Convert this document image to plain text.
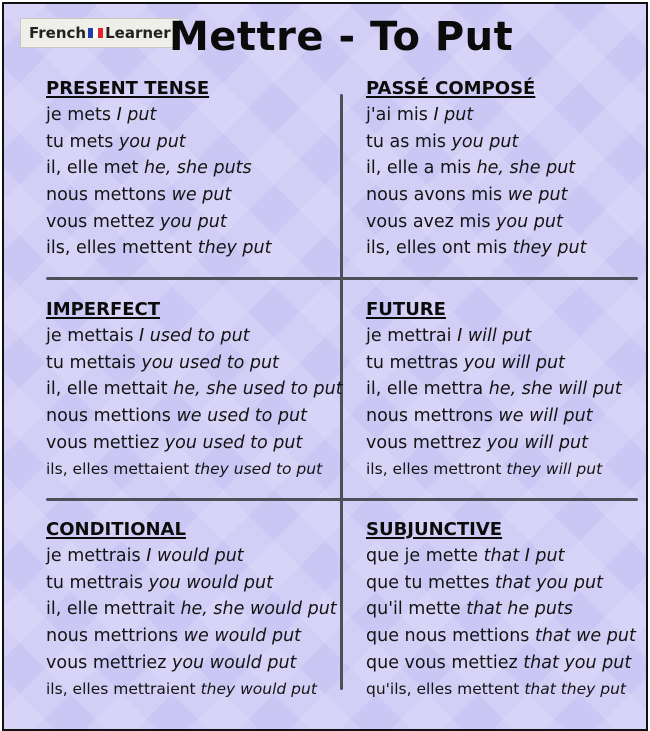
French Learner
Mettre - To Put
PRESENT TENSE
je mets I put
tu mets you put
il, elle met he, she puts
nous mettons we put
vous mettez you put
ils, elles mettent they put
PASSÉ COMPOSÉ
j'ai mis I put
tu as mis you put
il, elle a mis he, she put
nous avons mis we put
vous avez mis you put
ils, elles ont mis they put
IMPERFECT
je mettais I used to put
tu mettais you used to put
il, elle mettait he, she used to put
nous mettions we used to put
vous mettiez you used to put
ils, elles mettaient they used to put
FUTURE
je mettrai I will put
tu mettras you will put
il, elle mettra he, she will put
nous mettrons we will put
vous mettrez you will put
ils, elles mettront they will put
CONDITIONAL
je mettrais I would put
tu mettrais you would put
il, elle mettrait he, she would put
nous mettrions we would put
vous mettriez you would put
ils, elles mettraient they would put
SUBJUNCTIVE
que je mette that I put
que tu mettes that you put
qu'il mette that he puts
que nous mettions that we put
que vous mettiez that you put
qu'ils, elles mettent that they put
